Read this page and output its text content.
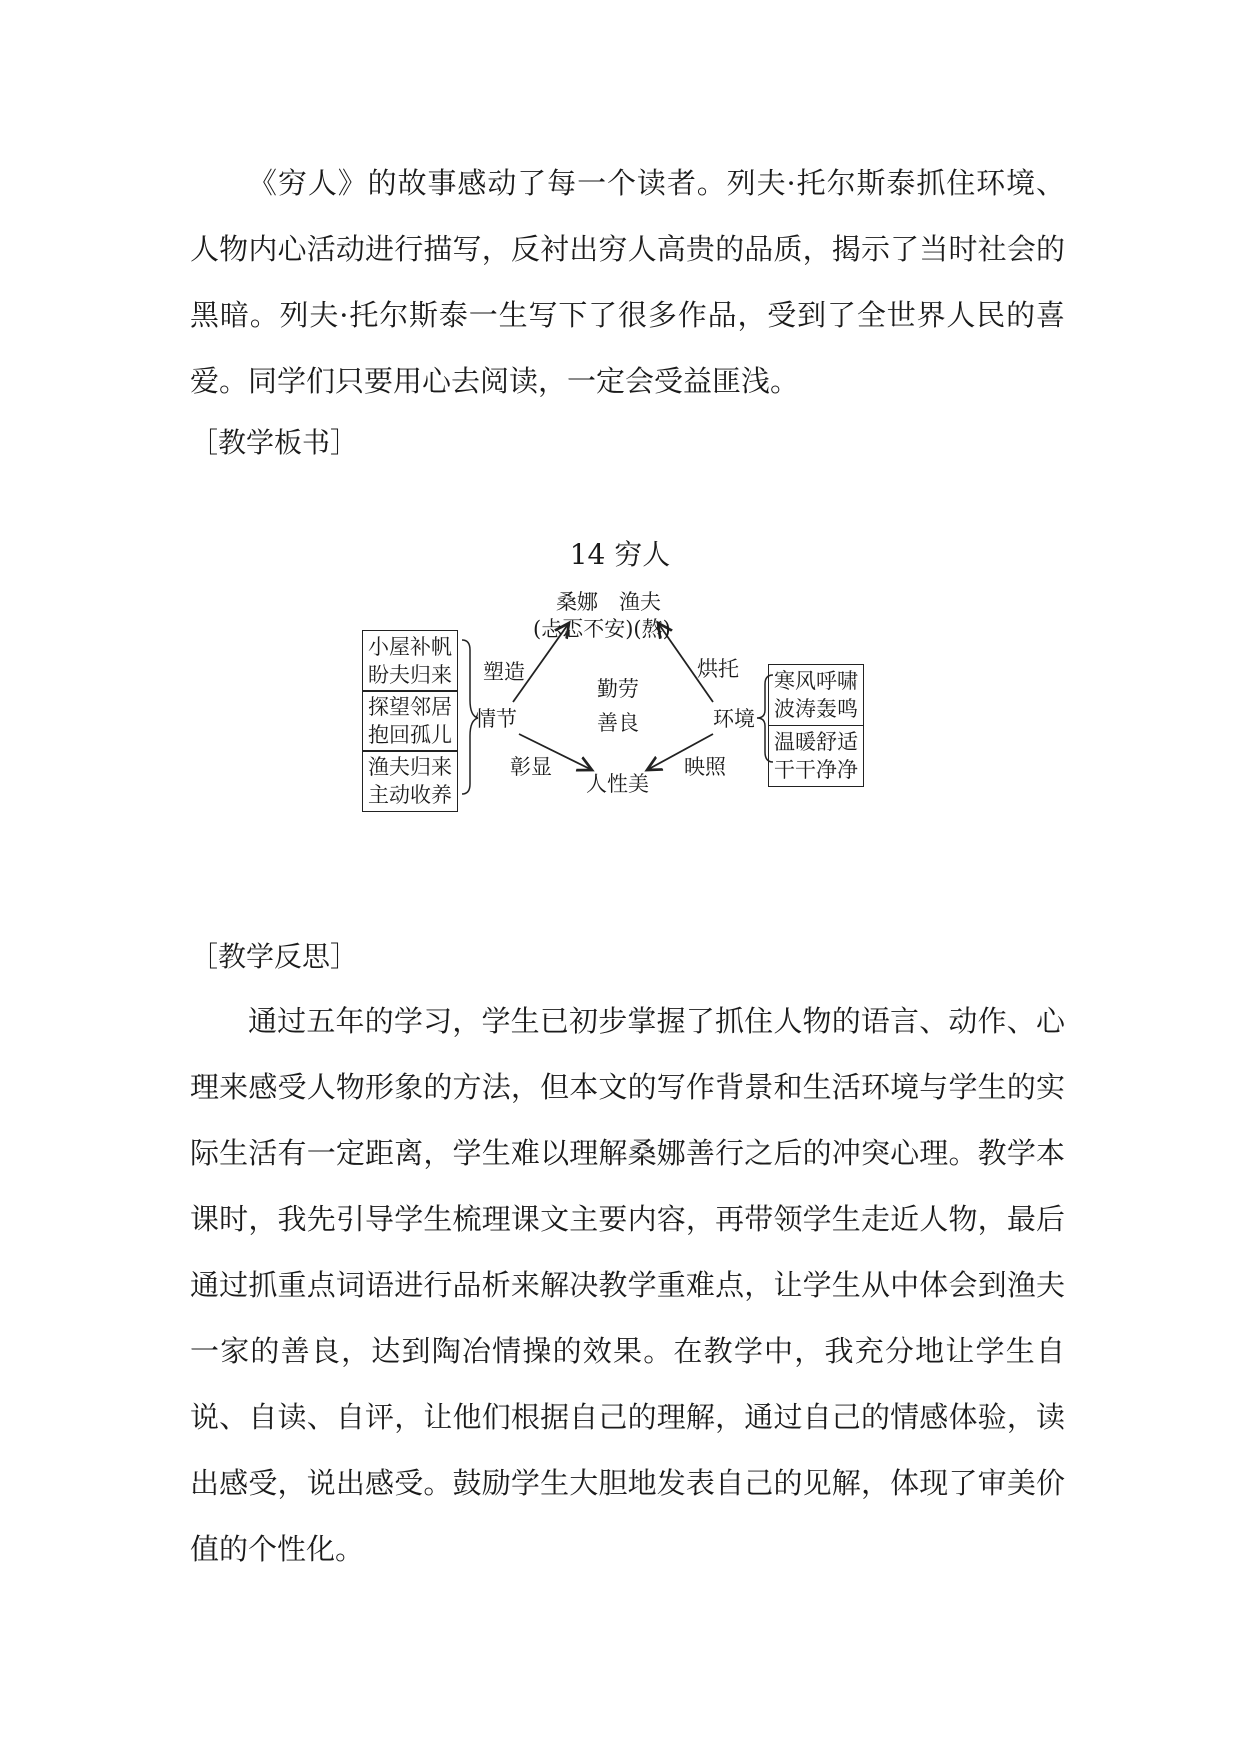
《穷人》的故事感动了每一个读者。列夫·托尔斯泰抓住环境、人物内心活动进行描写，反衬出穷人高贵的品质，揭示了当时社会的黑暗。列夫·托尔斯泰一生写下了很多作品，受到了全世界人民的喜爱。同学们只要用心去阅读，一定会受益匪浅。

［教学板书］
14 穷人
桑娜　渔夫
(忐忑不安)(熬)
勤劳
善良
情节	环境
人性美
塑造	烘托
彰显	映照
小屋补帆
盼夫归来
探望邻居
抱回孤儿
渔夫归来
主动收养
寒风呼啸
波涛轰鸣
温暖舒适
干干净净
［教学反思］

通过五年的学习，学生已初步掌握了抓住人物的语言、动作、心理来感受人物形象的方法，但本文的写作背景和生活环境与学生的实际生活有一定距离，学生难以理解桑娜善行之后的冲突心理。教学本课时，我先引导学生梳理课文主要内容，再带领学生走近人物，最后通过抓重点词语进行品析来解决教学重难点，让学生从中体会到渔夫一家的善良，达到陶冶情操的效果。在教学中，我充分地让学生自说、自读、自评，让他们根据自己的理解，通过自己的情感体验，读出感受，说出感受。鼓励学生大胆地发表自己的见解，体现了审美价值的个性化。
